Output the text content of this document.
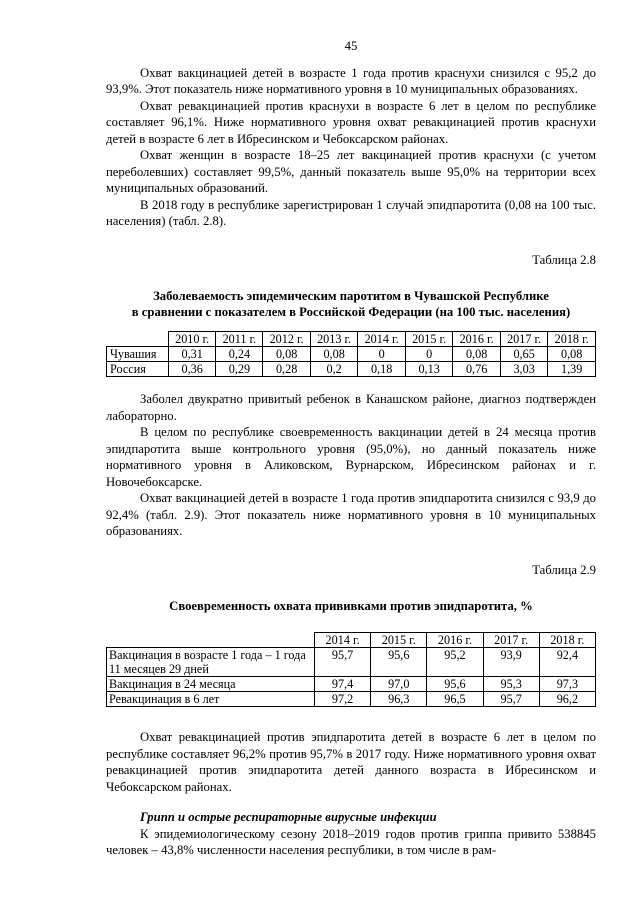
45

Охват вакцинацией детей в возрасте 1 года против краснухи снизился с 95,2 до 93,9%. Этот показатель ниже нормативного уровня в 10 муниципальных образованиях.

Охват ревакцинацией против краснухи в возрасте 6 лет в целом по республике составляет 96,1%. Ниже нормативного уровня охват ревакцинацией против краснухи детей в возрасте 6 лет в Ибресинском и Чебоксарском районах.

Охват женщин в возрасте 18–25 лет вакцинацией против краснухи (с учетом переболевших) составляет 99,5%, данный показатель выше 95,0% на территории всех муниципальных образований.

В 2018 году в республике зарегистрирован 1 случай эпидпаротита (0,08 на 100 тыс. населения) (табл. 2.8).

Таблица 2.8

Заболеваемость эпидемическим паротитом в Чувашской Республике
в сравнении с показателем в Российской Федерации (на 100 тыс. населения)

	2010 г.	2011 г.	2012 г.	2013 г.	2014 г.	2015 г.	2016 г.	2017 г.	2018 г.
Чувашия	0,31	0,24	0,08	0,08	0	0	0,08	0,65	0,08
Россия	0,36	0,29	0,28	0,2	0,18	0,13	0,76	3,03	1,39

Заболел двукратно привитый ребенок в Канашском районе, диагноз подтвержден лабораторно.

В целом по республике своевременность вакцинации детей в 24 месяца против эпидпаротита выше контрольного уровня (95,0%), но данный показатель ниже нормативного уровня в Аликовском, Вурнарском, Ибресинском районах и г. Новочебоксарске.

Охват вакцинацией детей в возрасте 1 года против эпидпаротита снизился с 93,9 до 92,4% (табл. 2.9). Этот показатель ниже нормативного уровня в 10 муниципальных образованиях.

Таблица 2.9

Своевременность охвата прививками против эпидпаротита, %

	2014 г.	2015 г.	2016 г.	2017 г.	2018 г.
Вакцинация в возрасте 1 года – 1 года 11 месяцев 29 дней	95,7	95,6	95,2	93,9	92,4
Вакцинация в 24 месяца	97,4	97,0	95,6	95,3	97,3
Ревакцинация в 6 лет	97,2	96,3	96,5	95,7	96,2

Охват ревакцинацией против эпидпаротита детей в возрасте 6 лет в целом по республике составляет 96,2% против 95,7% в 2017 году. Ниже нормативного уровня охват ревакцинацией против эпидпаротита детей данного возраста в Ибресинском и Чебоксарском районах.

Грипп и острые респираторные вирусные инфекции

К эпидемиологическому сезону 2018–2019 годов против гриппа привито 538845 человек – 43,8% численности населения республики, в том числе в рам-
